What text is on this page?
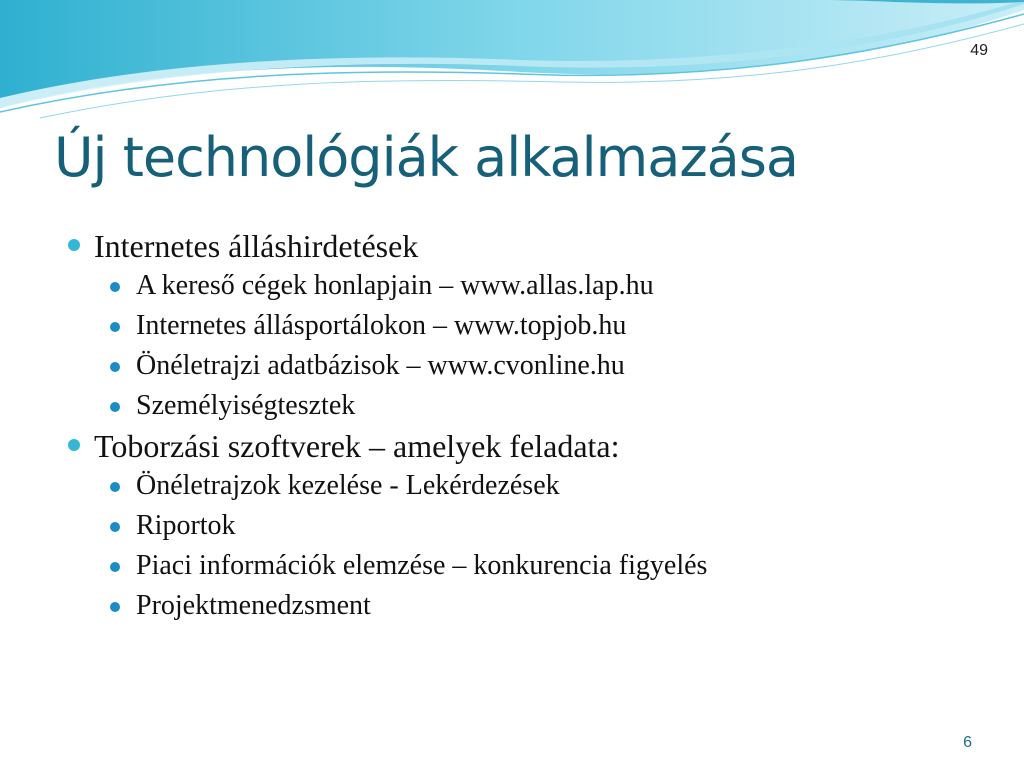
49
Új technológiák alkalmazása
Internetes álláshirdetések
A kereső cégek honlapjain – www.allas.lap.hu
Internetes állásportálokon – www.topjob.hu
Önéletrajzi adatbázisok – www.cvonline.hu
Személyiségtesztek
Toborzási szoftverek – amelyek feladata:
Önéletrajzok kezelése - Lekérdezések
Riportok
Piaci információk elemzése – konkurencia figyelés
Projektmenedzsment
6
